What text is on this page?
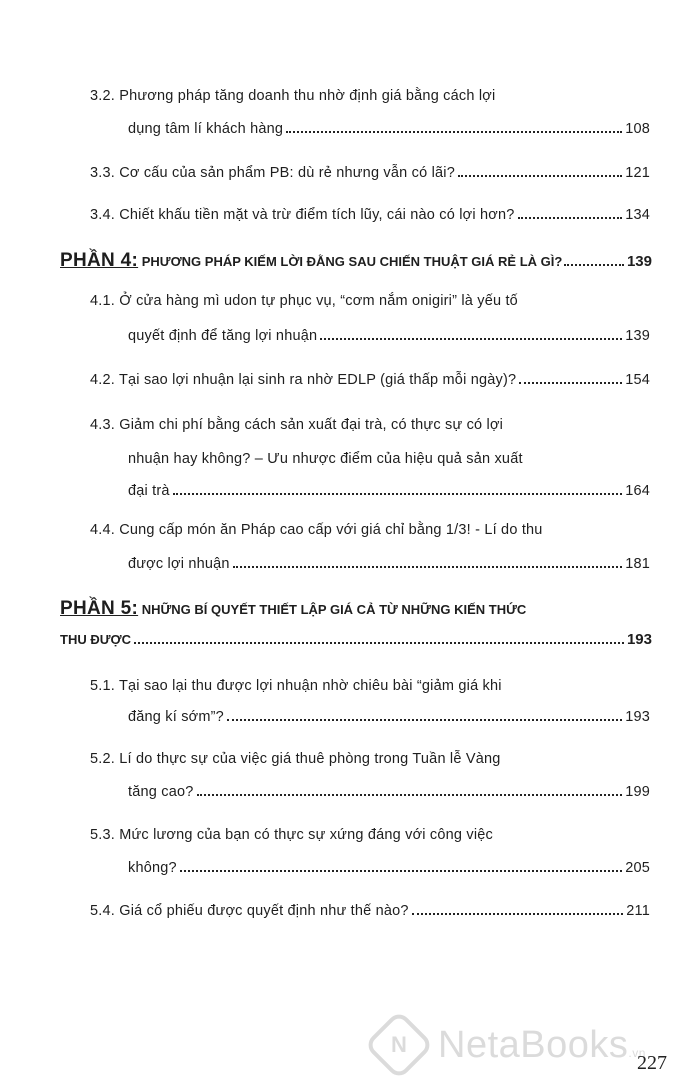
3.2. Phương pháp tăng doanh thu nhờ định giá bằng cách lợi
dụng tâm lí khách hàng	108
3.3. Cơ cấu của sản phẩm PB: dù rẻ nhưng vẫn có lãi?	121
3.4. Chiết khấu tiền mặt và trừ điểm tích lũy, cái nào có lợi hơn?	134
PHẦN 4: PHƯƠNG PHÁP KIẾM LỜI ĐẰNG SAU CHIẾN THUẬT GIÁ RẺ LÀ GÌ?	139
4.1. Ở cửa hàng mì udon tự phục vụ, “cơm nắm onigiri” là yếu tố
quyết định để tăng lợi nhuận	139
4.2. Tại sao lợi nhuận lại sinh ra nhờ EDLP (giá thấp mỗi ngày)?	154
4.3. Giảm chi phí bằng cách sản xuất đại trà, có thực sự có lợi
nhuận hay không? – Ưu nhược điểm của hiệu quả sản xuất
đại trà	164
4.4. Cung cấp món ăn Pháp cao cấp với giá chỉ bằng 1/3! - Lí do thu
được lợi nhuận	181
PHẦN 5: NHỮNG BÍ QUYẾT THIẾT LẬP GIÁ CẢ TỪ NHỮNG KIẾN THỨC
THU ĐƯỢC	193
5.1. Tại sao lại thu được lợi nhuận nhờ chiêu bài “giảm giá khi
đăng kí sớm”?	193
5.2. Lí do thực sự của việc giá thuê phòng trong Tuần lễ Vàng
tăng cao?	199
5.3. Mức lương của bạn có thực sự xứng đáng với công việc
không?	205
5.4. Giá cổ phiếu được quyết định như thế nào?	211
N NetaBooks.vn
227
